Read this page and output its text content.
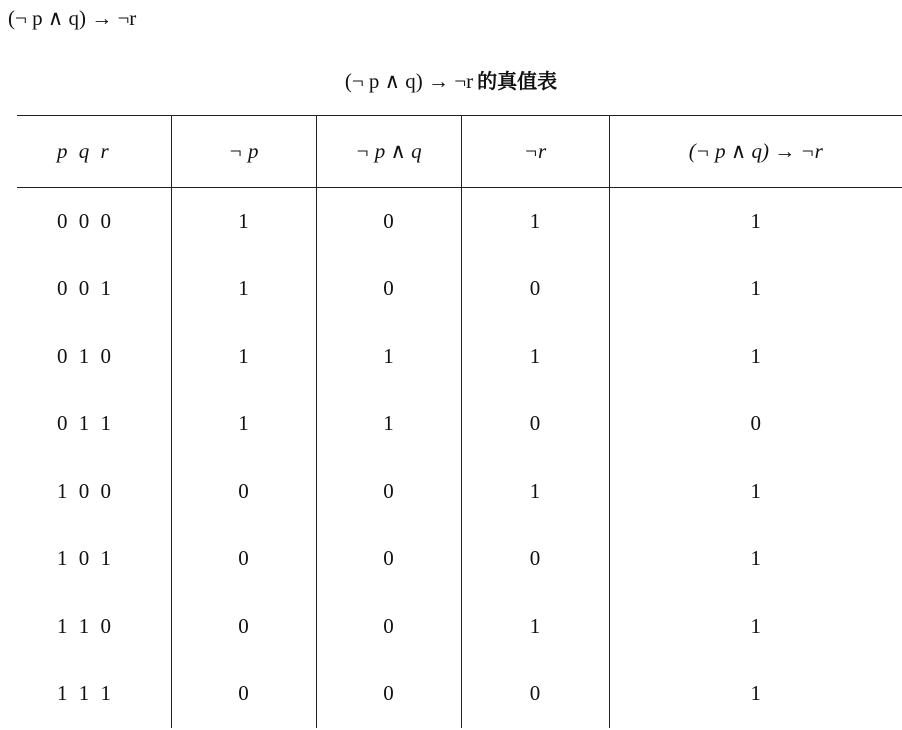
(¬ p ∧ q) → ¬r
(¬ p ∧ q) → ¬r 的真值表
p q r	¬ p	¬ p ∧ q	¬r	(¬ p ∧ q) → ¬r
0 0 0	1	0	1	1
0 0 1	1	0	0	1
0 1 0	1	1	1	1
0 1 1	1	1	0	0
1 0 0	0	0	1	1
1 0 1	0	0	0	1
1 1 0	0	0	1	1
1 1 1	0	0	0	1
